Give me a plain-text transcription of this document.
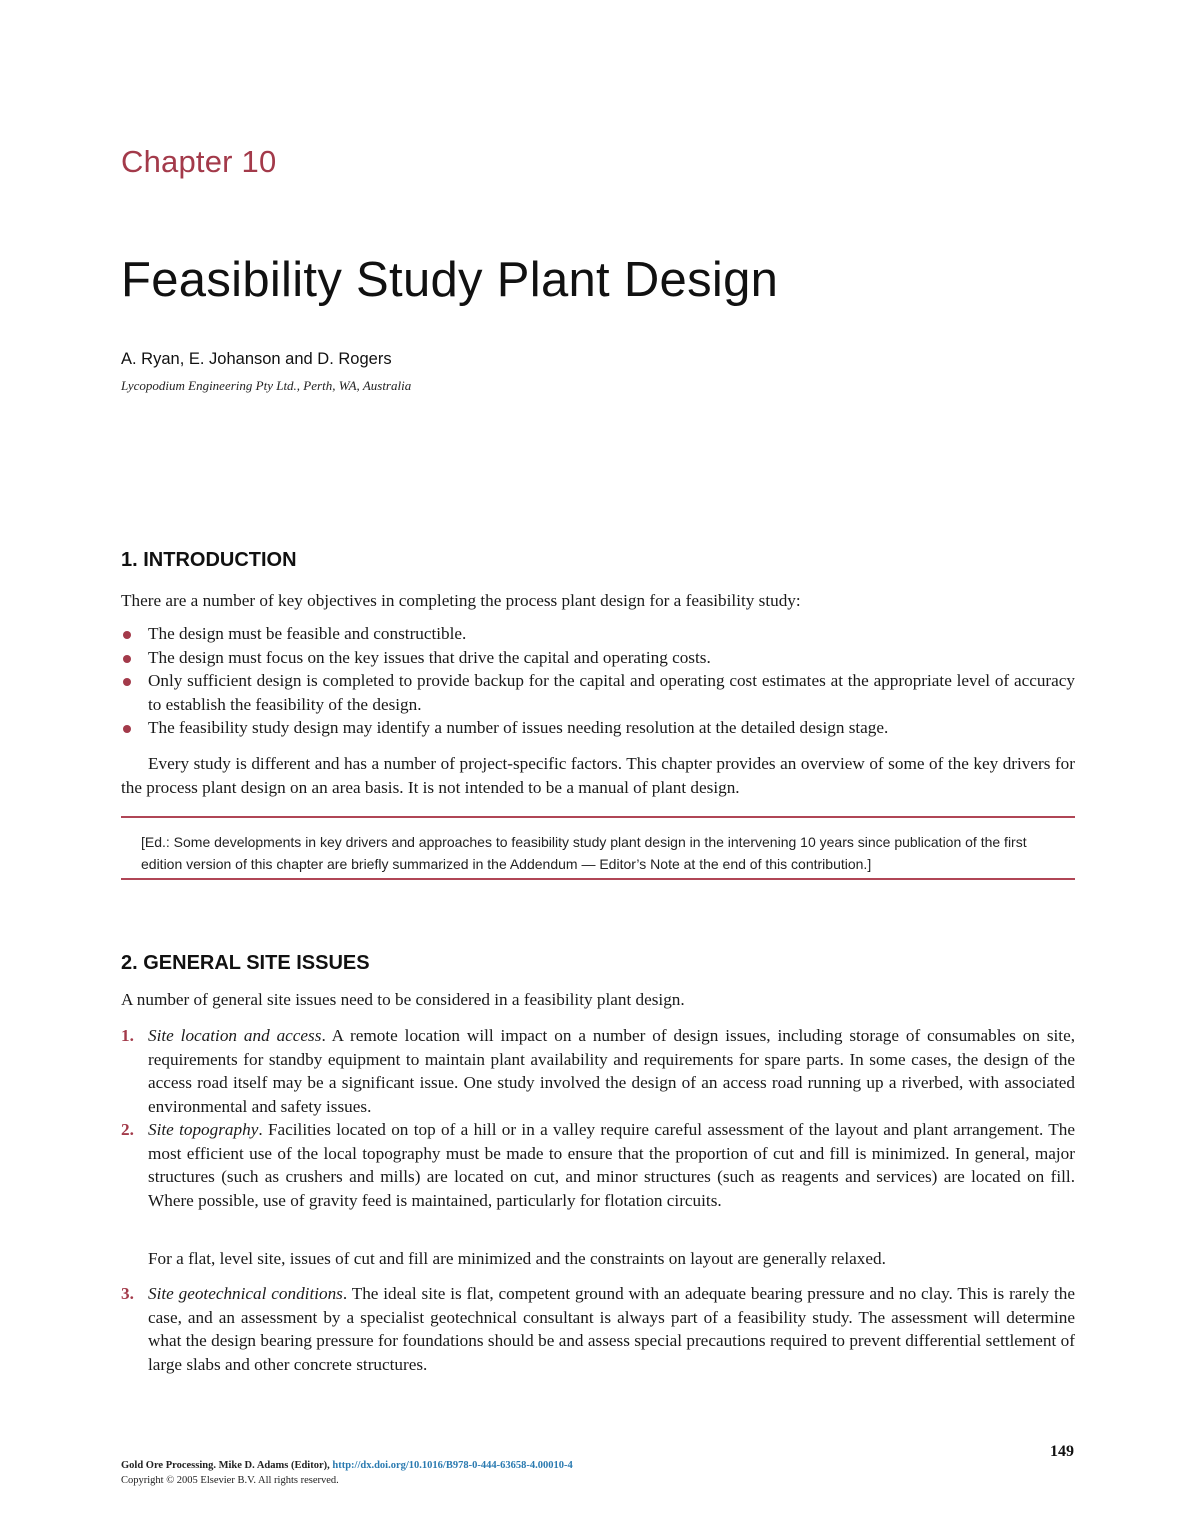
Chapter 10
Feasibility Study Plant Design
A. Ryan, E. Johanson and D. Rogers
Lycopodium Engineering Pty Ltd., Perth, WA, Australia
1. INTRODUCTION
There are a number of key objectives in completing the process plant design for a feasibility study:
The design must be feasible and constructible.
The design must focus on the key issues that drive the capital and operating costs.
Only sufficient design is completed to provide backup for the capital and operating cost estimates at the appropriate level of accuracy to establish the feasibility of the design.
The feasibility study design may identify a number of issues needing resolution at the detailed design stage.
Every study is different and has a number of project-specific factors. This chapter provides an overview of some of the key drivers for the process plant design on an area basis. It is not intended to be a manual of plant design.
[Ed.: Some developments in key drivers and approaches to feasibility study plant design in the intervening 10 years since publication of the first edition version of this chapter are briefly summarized in the Addendum — Editor’s Note at the end of this contribution.]
2. GENERAL SITE ISSUES
A number of general site issues need to be considered in a feasibility plant design.
1. Site location and access. A remote location will impact on a number of design issues, including storage of consumables on site, requirements for standby equipment to maintain plant availability and requirements for spare parts. In some cases, the design of the access road itself may be a significant issue. One study involved the design of an access road running up a riverbed, with associated environmental and safety issues.
2. Site topography. Facilities located on top of a hill or in a valley require careful assessment of the layout and plant arrangement. The most efficient use of the local topography must be made to ensure that the proportion of cut and fill is minimized. In general, major structures (such as crushers and mills) are located on cut, and minor structures (such as reagents and services) are located on fill. Where possible, use of gravity feed is maintained, particularly for flotation circuits.
For a flat, level site, issues of cut and fill are minimized and the constraints on layout are generally relaxed.
3. Site geotechnical conditions. The ideal site is flat, competent ground with an adequate bearing pressure and no clay. This is rarely the case, and an assessment by a specialist geotechnical consultant is always part of a feasibility study. The assessment will determine what the design bearing pressure for foundations should be and assess special precautions required to prevent differential settlement of large slabs and other concrete structures.
Gold Ore Processing. Mike D. Adams (Editor), http://dx.doi.org/10.1016/B978-0-444-63658-4.00010-4
Copyright © 2005 Elsevier B.V. All rights reserved.
149
